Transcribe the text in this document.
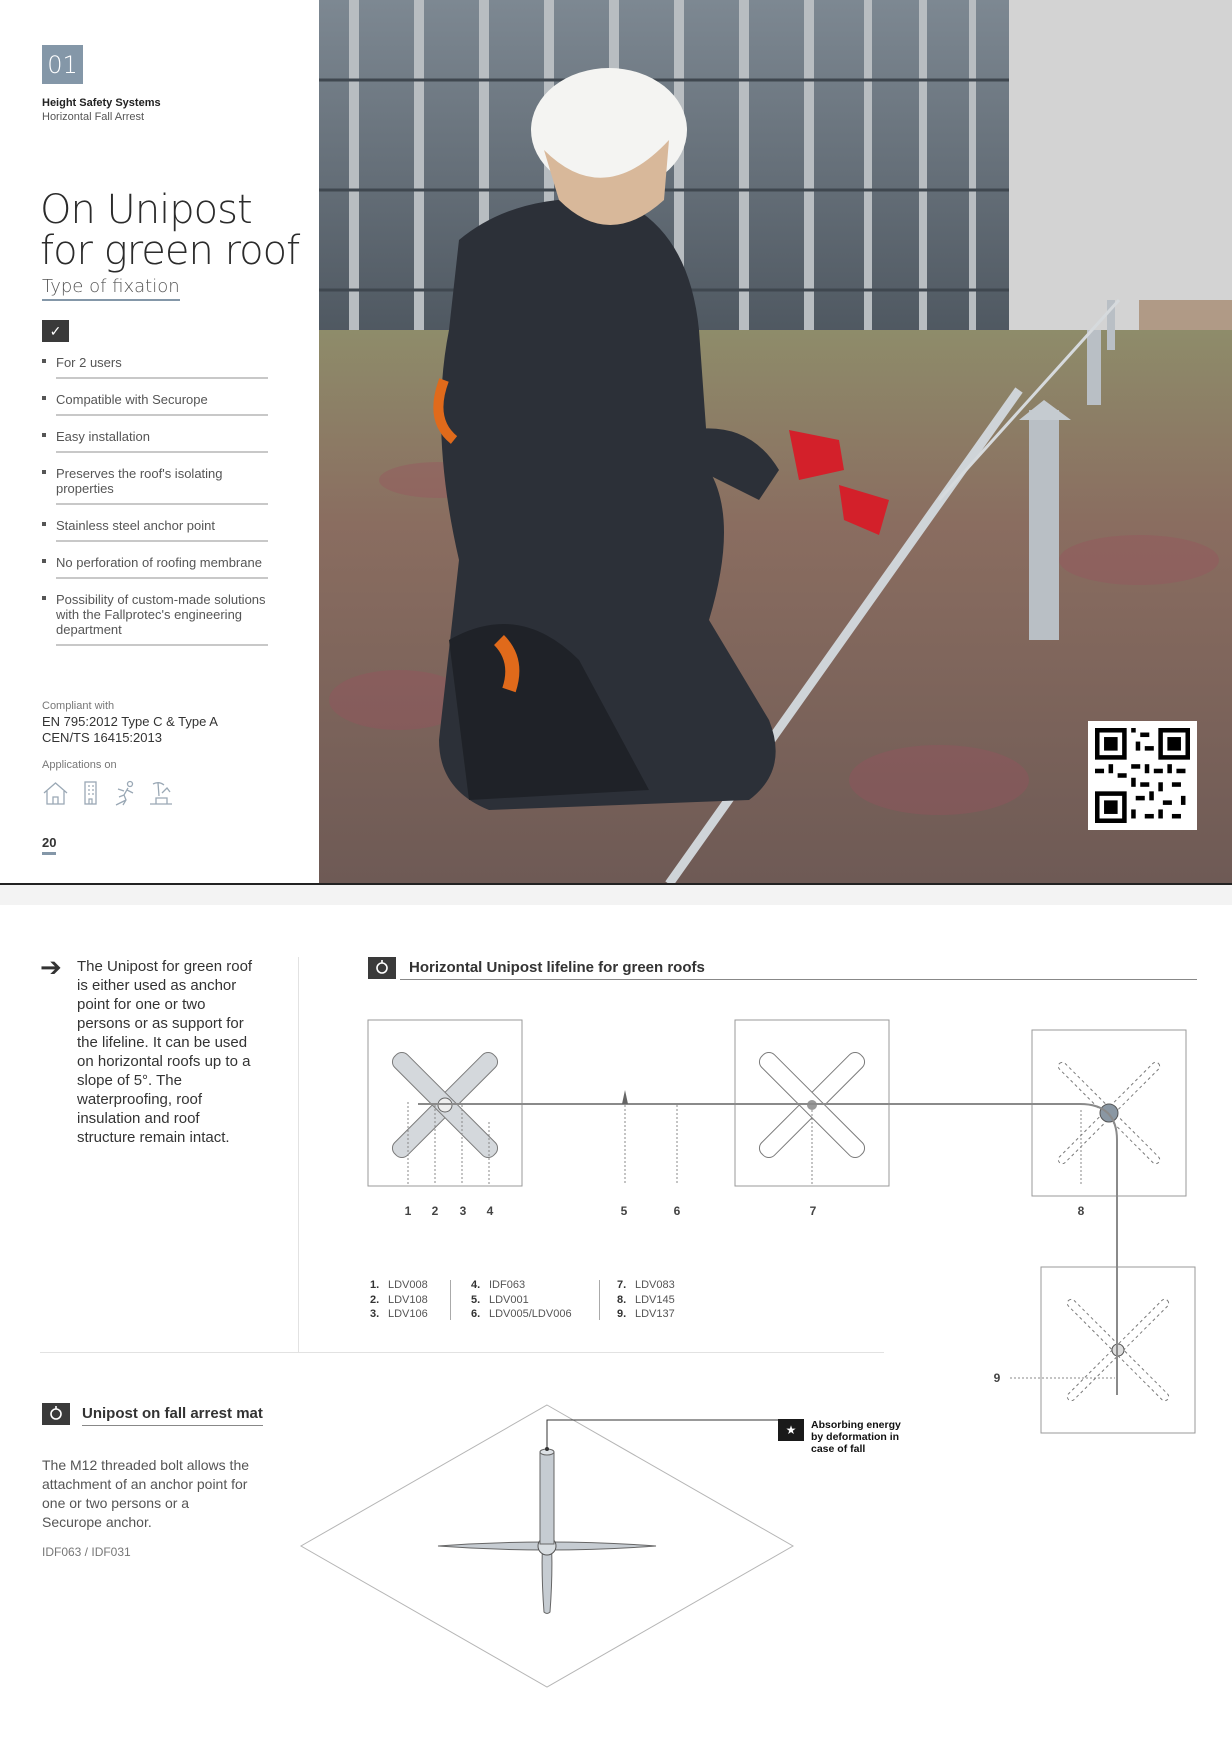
01
Height Safety Systems
Horizontal Fall Arrest
On Unipost for green roof
Type of fixation
✓
For 2 users
Compatible with Securope
Easy installation
Preserves the roof's isolating properties
Stainless steel anchor point
No perforation of roofing membrane
Possibility of custom-made solutions with the Fallprotec's engineering department
Compliant with
EN 795:2012 Type C & Type A
CEN/TS 16415:2013
Applications on
20
➔ The Unipost for green roof is either used as anchor point for one or two persons or as support for the lifeline. It can be used on horizontal roofs up to a slope of 5°. The waterproofing, roof insulation and roof structure remain intact.

Horizontal Unipost lifeline for green roofs
1 2 3 4	5	6	7	8
9
1. LDV008
2. LDV108
3. LDV106
4. IDF063
5. LDV001
6. LDV005/LDV006
7. LDV083
8. LDV145
9. LDV137
Unipost on fall arrest mat

The M12 threaded bolt allows the attachment of an anchor point for one or two persons or a Securope anchor.

IDF063 / IDF031
★	Absorbing energy by deformation in case of fall
